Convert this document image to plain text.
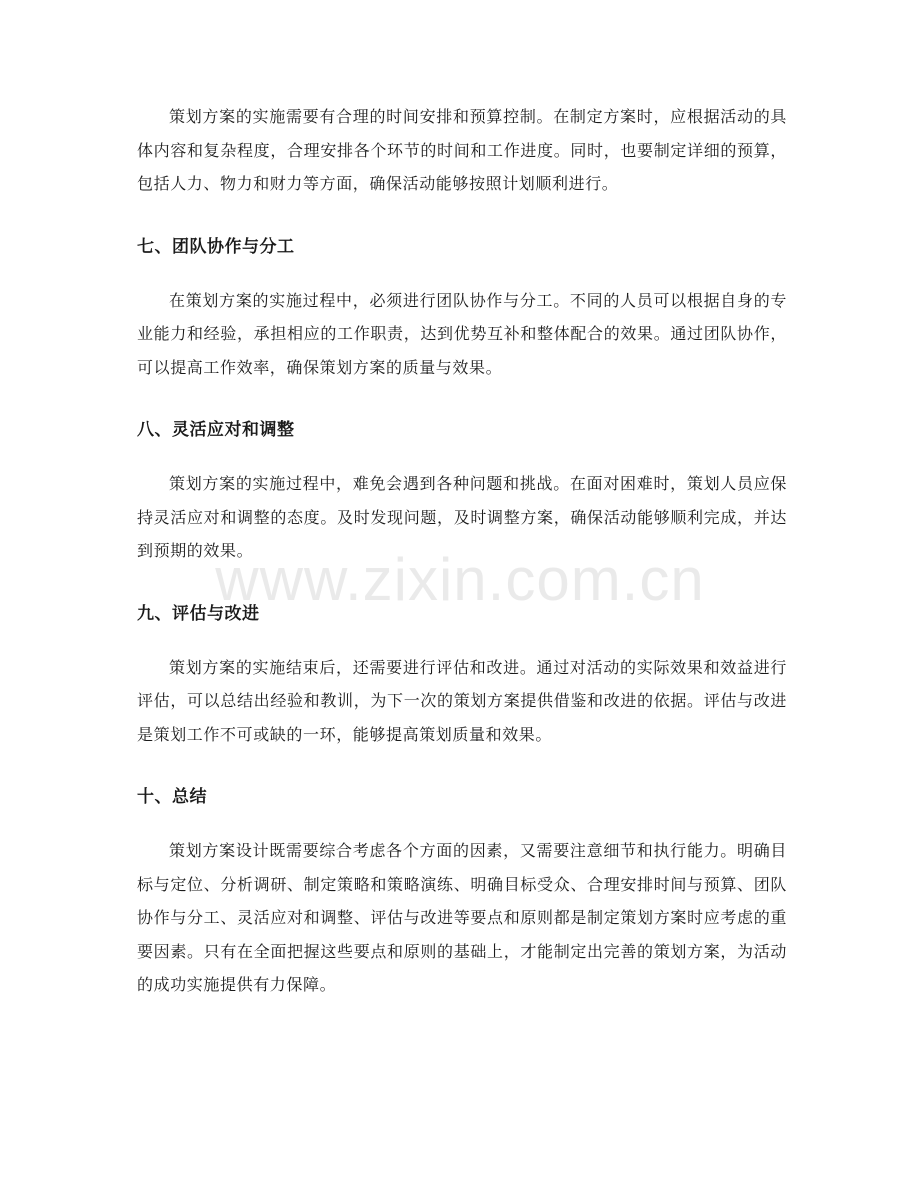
策划方案的实施需要有合理的时间安排和预算控制。在制定方案时，应根据活动的具体内容和复杂程度，合理安排各个环节的时间和工作进度。同时，也要制定详细的预算，包括人力、物力和财力等方面，确保活动能够按照计划顺利进行。

七、团队协作与分工

在策划方案的实施过程中，必须进行团队协作与分工。不同的人员可以根据自身的专业能力和经验，承担相应的工作职责，达到优势互补和整体配合的效果。通过团队协作，可以提高工作效率，确保策划方案的质量与效果。

八、灵活应对和调整

策划方案的实施过程中，难免会遇到各种问题和挑战。在面对困难时，策划人员应保持灵活应对和调整的态度。及时发现问题，及时调整方案，确保活动能够顺利完成，并达到预期的效果。

九、评估与改进

策划方案的实施结束后，还需要进行评估和改进。通过对活动的实际效果和效益进行评估，可以总结出经验和教训，为下一次的策划方案提供借鉴和改进的依据。评估与改进是策划工作不可或缺的一环，能够提高策划质量和效果。

十、总结

策划方案设计既需要综合考虑各个方面的因素，又需要注意细节和执行能力。明确目标与定位、分析调研、制定策略和策略演练、明确目标受众、合理安排时间与预算、团队协作与分工、灵活应对和调整、评估与改进等要点和原则都是制定策划方案时应考虑的重要因素。只有在全面把握这些要点和原则的基础上，才能制定出完善的策划方案，为活动的成功实施提供有力保障。

www.zixin.com.cn
